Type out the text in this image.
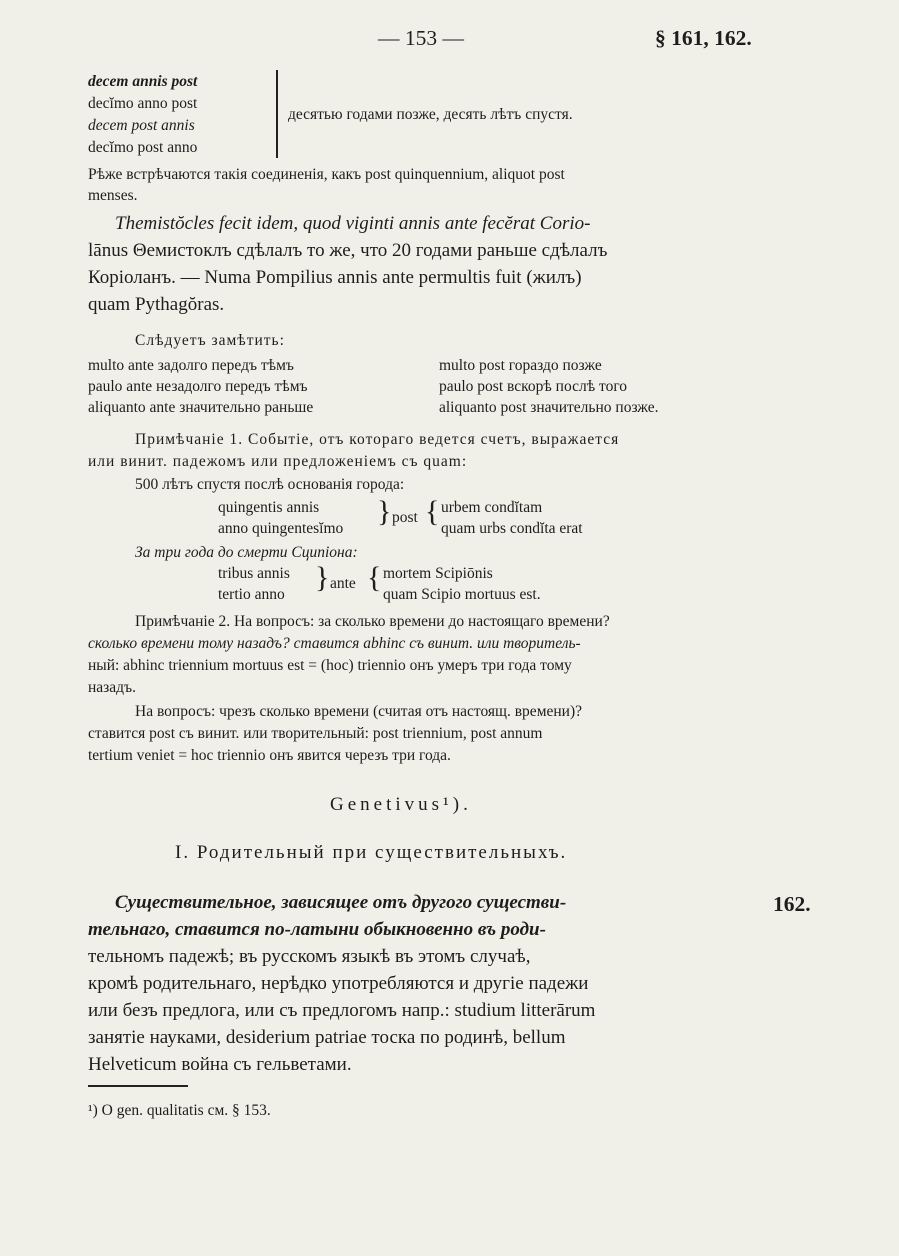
— 153 —	§ 161, 162.
decem annis post
decĭmo anno post
decem post annis
decĭmo post anno
десятью годами позже, десять лѣтъ спустя.
Рѣже встрѣчаются такія соединенія, какъ post quinquennium, aliquot post
menses.
Themistŏcles fecit idem, quod viginti annis ante fecĕrat Corio-
lānus Θемистоклъ сдѣлалъ то же, что 20 годами раньше сдѣлалъ
Коріоланъ. — Numa Pompilius annis ante permultis fuit (жилъ)
quam Pythagŏras.
Слѣдуетъ замѣтить:
multo ante задолго передъ тѣмъ
paulo ante незадолго передъ тѣмъ
aliquanto ante значительно раньше
multo post гораздо позже
paulo post вскорѣ послѣ того
aliquanto post значительно позже.
Примѣчаніе 1. Событіе, отъ котораго ведется счетъ, выражается
или винит. падежомъ или предложеніемъ съ quam:
500 лѣтъ спустя послѣ основанія города:
quingentis annis
anno quingentesĭmo
} post { urbem condĭtam
quam urbs condĭta erat
За три года до смерти Сципіона:
tribus annis
tertio anno
} ante { mortem Scipiōnis
quam Scipio mortuus est.
Примѣчаніе 2. На вопросъ: за сколько времени до настоящаго времени?
сколько времени тому назадъ? ставится abhinc съ винит. или творитель-
ный: abhinc triennium mortuus est = (hoc) triennio онъ умеръ три года тому
назадъ.
На вопросъ: чрезъ сколько времени (считая отъ настоящ. времени)?
ставится post съ винит. или творительный: post triennium, post annum
tertium veniet = hoc triennio онъ явится черезъ три года.
Genetivus¹).
I. Родительный при существительныхъ.
Существительное, зависящее отъ другого существи-	162.
тельнаго, ставится по-латыни обыкновенно въ роди-
тельномъ падежѣ; въ русскомъ языкѣ въ этомъ случаѣ,
кромѣ родительнаго, нерѣдко употребляются и другіе падежи
или безъ предлога, или съ предлогомъ напр.: studium litterārum
занятіе науками, desiderium patriae тоска по родинѣ, bellum
Helveticum война съ гельветами.
¹) О gen. qualitatis см. § 153.
